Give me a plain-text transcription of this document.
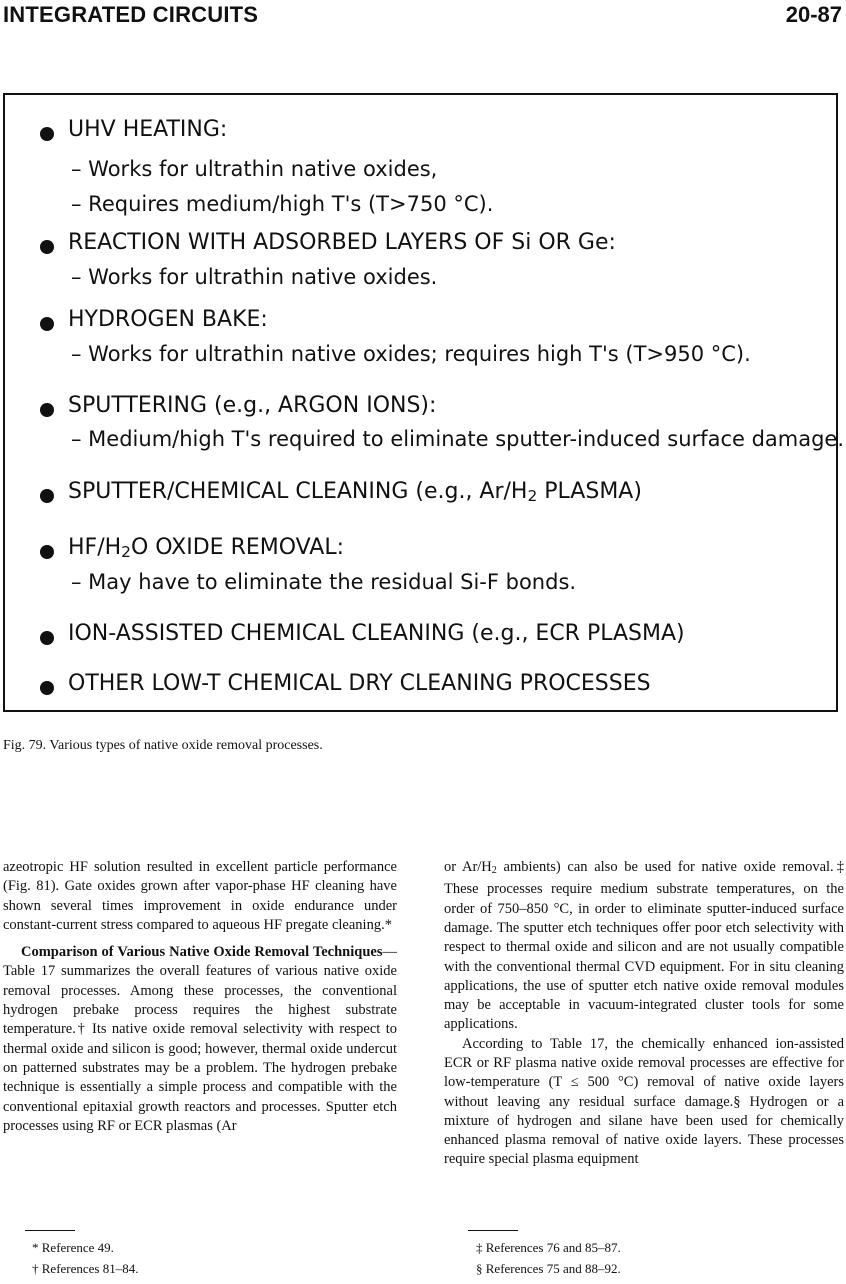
INTEGRATED CIRCUITS	20-87
UHV HEATING:
– Works for ultrathin native oxides,
– Requires medium/high T's (T>750 °C).
REACTION WITH ADSORBED LAYERS OF Si OR Ge:
– Works for ultrathin native oxides.
HYDROGEN BAKE:
– Works for ultrathin native oxides; requires high T's (T>950 °C).
SPUTTERING (e.g., ARGON IONS):
– Medium/high T's required to eliminate sputter-induced surface damage.
SPUTTER/CHEMICAL CLEANING (e.g., $Ar/H_2$ PLASMA)
$HF/H_2O$ OXIDE REMOVAL:
– May have to eliminate the residual Si-F bonds.
ION-ASSISTED CHEMICAL CLEANING (e.g., ECR PLASMA)
OTHER LOW-T CHEMICAL DRY CLEANING PROCESSES
Fig. 79. Various types of native oxide removal processes.

azeotropic HF solution resulted in excellent particle performance (Fig. 81). Gate oxides grown after vapor-phase HF cleaning have shown several times improvement in oxide endurance under constant-current stress compared to aqueous HF pregate cleaning.*

Comparison of Various Native Oxide Removal Techniques—Table 17 summarizes the overall features of various native oxide removal processes. Among these processes, the conventional hydrogen prebake process requires the highest substrate temperature.† Its native oxide removal selectivity with respect to thermal oxide and silicon is good; however, thermal oxide undercut on patterned substrates may be a problem. The hydrogen prebake technique is essentially a simple process and compatible with the conventional epitaxial growth reactors and processes. Sputter etch processes using RF or ECR plasmas (Ar

or $Ar/H_2$ ambients) can also be used for native oxide removal.‡ These processes require medium substrate temperatures, on the order of 750–850 °C, in order to eliminate sputter-induced surface damage. The sputter etch techniques offer poor etch selectivity with respect to thermal oxide and silicon and are not usually compatible with the conventional thermal CVD equipment. For in situ cleaning applications, the use of sputter etch native oxide removal modules may be acceptable in vacuum-integrated cluster tools for some applications.

According to Table 17, the chemically enhanced ion-assisted ECR or RF plasma native oxide removal processes are effective for low-temperature (T ≤ 500 °C) removal of native oxide layers without leaving any residual surface damage.§ Hydrogen or a mixture of hydrogen and silane have been used for chemically enhanced plasma removal of native oxide layers. These processes require special plasma equipment

* Reference 49.
† References 81–84.
‡ References 76 and 85–87.
§ References 75 and 88–92.
